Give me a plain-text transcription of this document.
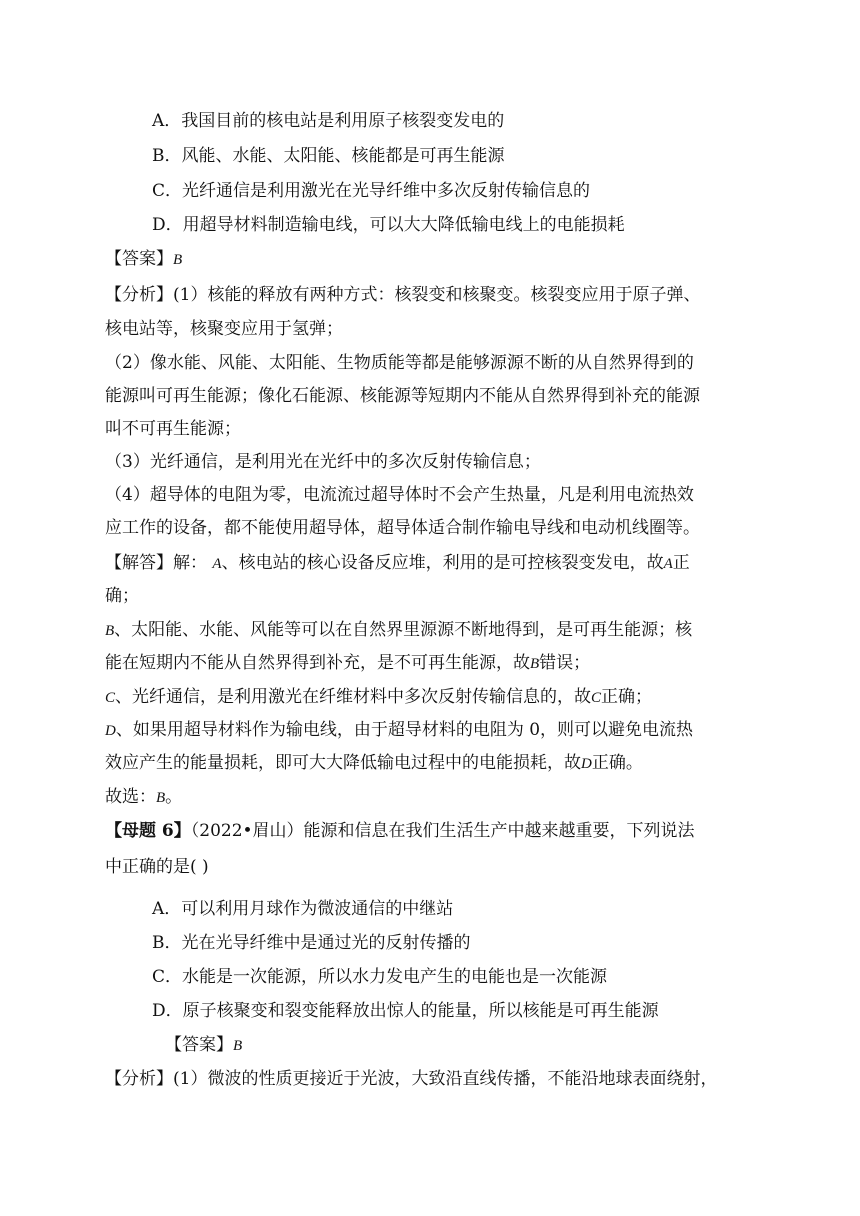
A．我国目前的核电站是利用原子核裂变发电的
B．风能、水能、太阳能、核能都是可再生能源
C．光纤通信是利用激光在光导纤维中多次反射传输信息的
D．用超导材料制造输电线，可以大大降低输电线上的电能损耗
【答案】B
【分析】(1）核能的释放有两种方式：核裂变和核聚变。核裂变应用于原子弹、
核电站等，核聚变应用于氢弹；
（2）像水能、风能、太阳能、生物质能等都是能够源源不断的从自然界得到的
能源叫可再生能源；像化石能源、核能源等短期内不能从自然界得到补充的能源
叫不可再生能源；
（3）光纤通信，是利用光在光纤中的多次反射传输信息；
（4）超导体的电阻为零，电流流过超导体时不会产生热量，凡是利用电流热效
应工作的设备，都不能使用超导体，超导体适合制作输电导线和电动机线圈等。
【解答】解： A、核电站的核心设备反应堆，利用的是可控核裂变发电，故A正
确；
B、太阳能、水能、风能等可以在自然界里源源不断地得到，是可再生能源；核
能在短期内不能从自然界得到补充，是不可再生能源，故B错误；
C、光纤通信，是利用激光在纤维材料中多次反射传输信息的，故C正确；
D、如果用超导材料作为输电线，由于超导材料的电阻为 0，则可以避免电流热
效应产生的能量损耗，即可大大降低输电过程中的电能损耗，故D正确。
故选：B。
【母题 6】（2022•眉山）能源和信息在我们生活生产中越来越重要，下列说法
中正确的是( )
A．可以利用月球作为微波通信的中继站
B．光在光导纤维中是通过光的反射传播的
C．水能是一次能源，所以水力发电产生的电能也是一次能源
D．原子核聚变和裂变能释放出惊人的能量，所以核能是可再生能源
【答案】B
【分析】(1）微波的性质更接近于光波，大致沿直线传播，不能沿地球表面绕射，
